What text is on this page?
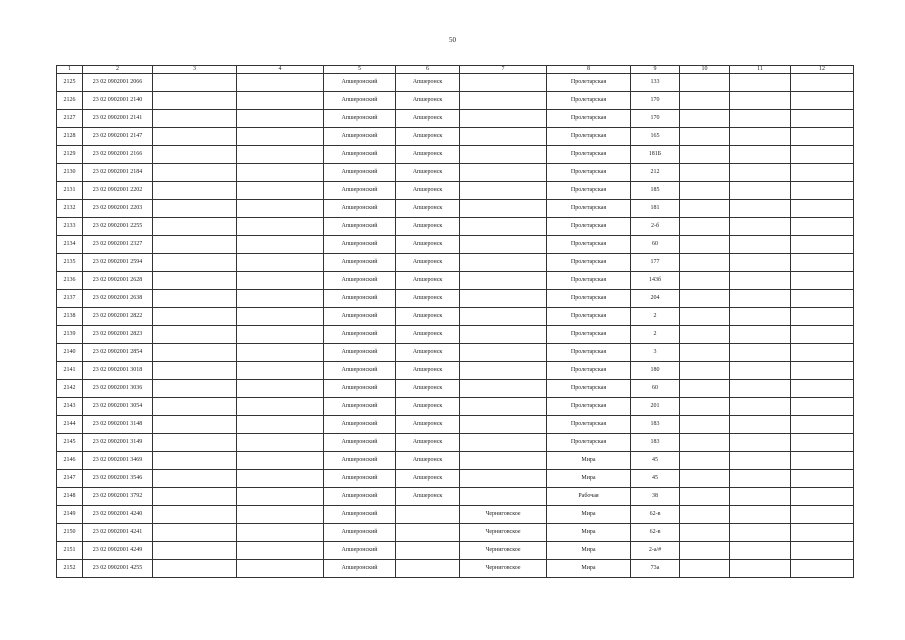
50
1	2	3	4	5	6	7	8	9	10	11	12
2125	23 02 0902001 2066			Апшеронский	Апшеронск		Пролетарская	133			
2126	23 02 0902001 2140			Апшеронский	Апшеронск		Пролетарская	170			
2127	23 02 0902001 2141			Апшеронский	Апшеронск		Пролетарская	170			
2128	23 02 0902001 2147			Апшеронский	Апшеронск		Пролетарская	165			
2129	23 02 0902001 2166			Апшеронский	Апшеронск		Пролетарская	181Б			
2130	23 02 0902001 2184			Апшеронский	Апшеронск		Пролетарская	212			
2131	23 02 0902001 2202			Апшеронский	Апшеронск		Пролетарская	185			
2132	23 02 0902001 2203			Апшеронский	Апшеронск		Пролетарская	181			
2133	23 02 0902001 2255			Апшеронский	Апшеронск		Пролетарская	2-б			
2134	23 02 0902001 2327			Апшеронский	Апшеронск		Пролетарская	60			
2135	23 02 0902001 2594			Апшеронский	Апшеронск		Пролетарская	177			
2136	23 02 0902001 2628			Апшеронский	Апшеронск		Пролетарская	143б			
2137	23 02 0902001 2638			Апшеронский	Апшеронск		Пролетарская	204			
2138	23 02 0902001 2822			Апшеронский	Апшеронск		Пролетарская	2			
2139	23 02 0902001 2823			Апшеронский	Апшеронск		Пролетарская	2			
2140	23 02 0902001 2854			Апшеронский	Апшеронск		Пролетарская	3			
2141	23 02 0902001 3018			Апшеронский	Апшеронск		Пролетарская	180			
2142	23 02 0902001 3036			Апшеронский	Апшеронск		Пролетарская	60			
2143	23 02 0902001 3054			Апшеронский	Апшеронск		Пролетарская	201			
2144	23 02 0902001 3148			Апшеронский	Апшеронск		Пролетарская	183			
2145	23 02 0902001 3149			Апшеронский	Апшеронск		Пролетарская	183			
2146	23 02 0902001 3469			Апшеронский	Апшеронск		Мира	45			
2147	23 02 0902001 3546			Апшеронский	Апшеронск		Мира	45			
2148	23 02 0902001 3792			Апшеронский	Апшеронск		Рабочая	38			
2149	23 02 0902001 4240			Апшеронский		Черниговское	Мира	62-в			
2150	23 02 0902001 4241			Апшеронский		Черниговское	Мира	62-в			
2151	23 02 0902001 4249			Апшеронский		Черниговское	Мира	2-а/#			
2152	23 02 0902001 4255			Апшеронский		Черниговское	Мира	73а			
